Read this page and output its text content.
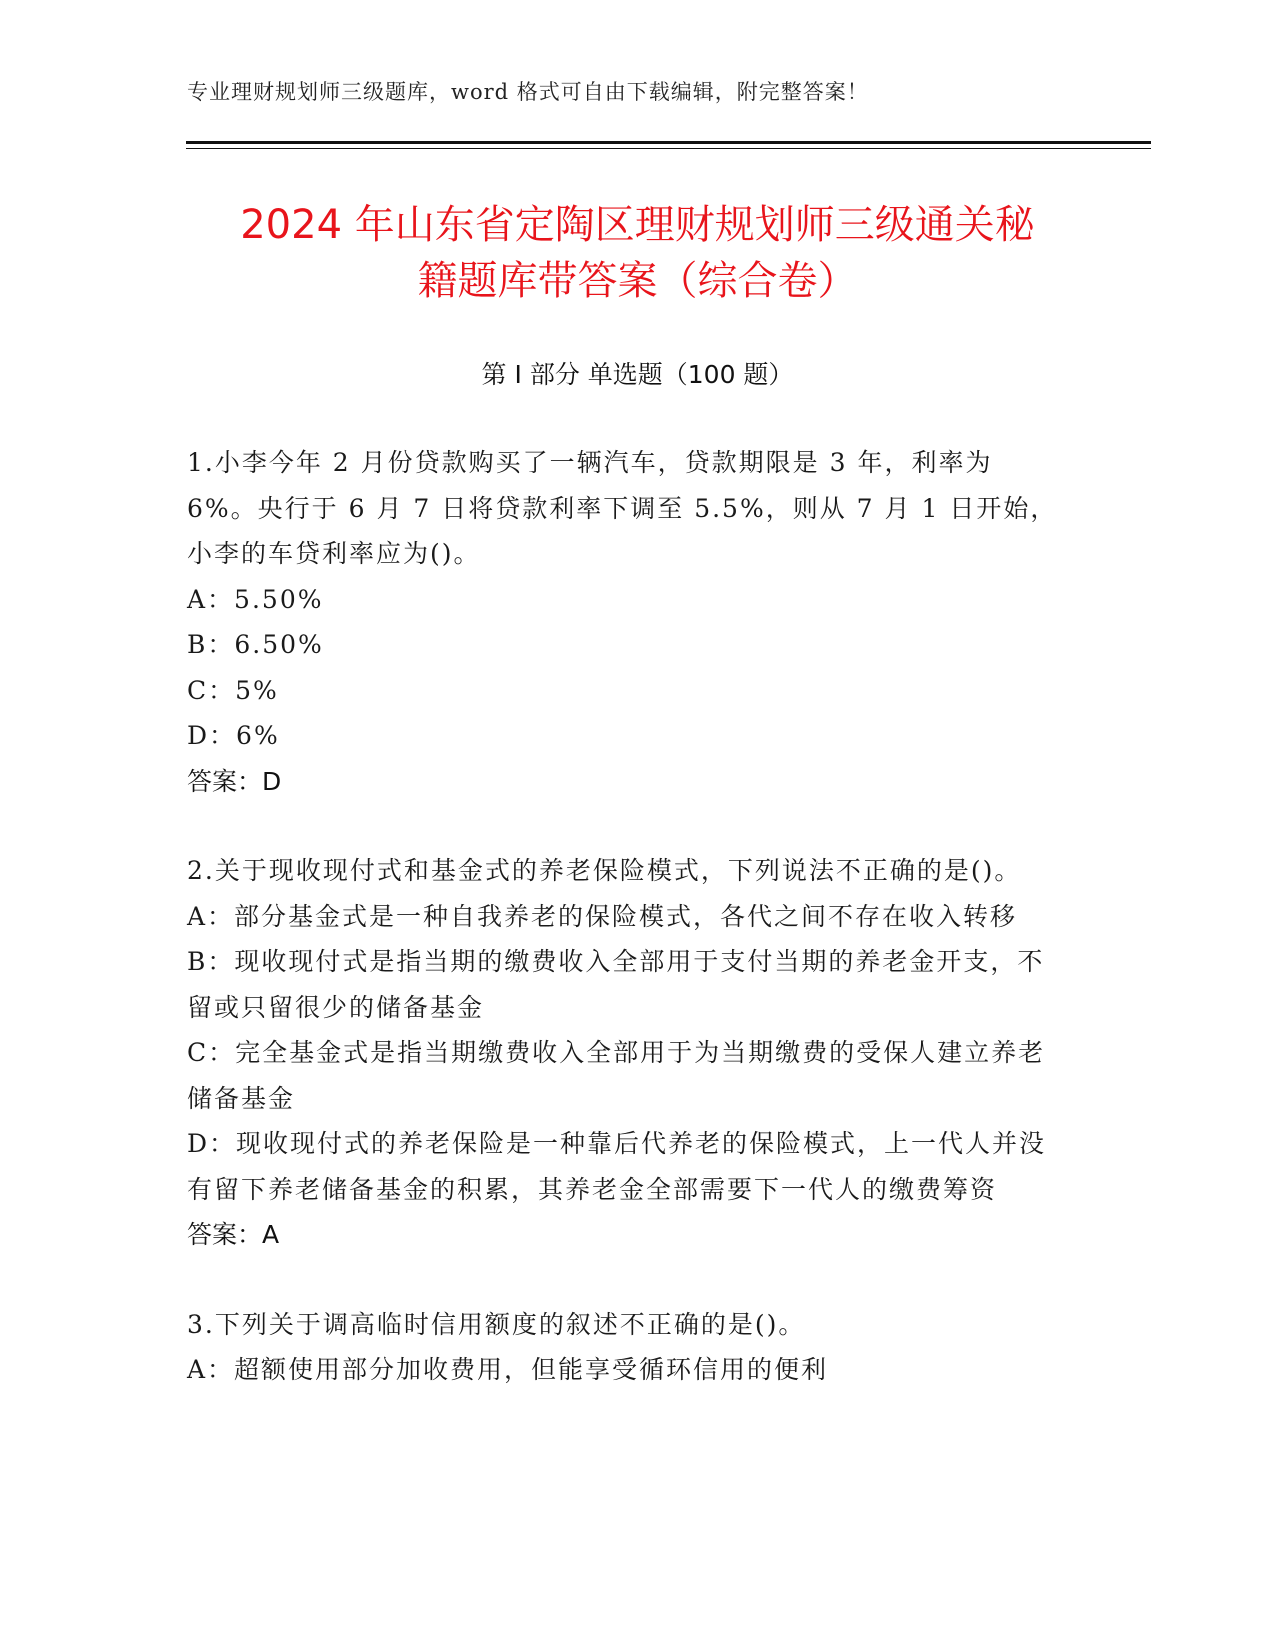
专业理财规划师三级题库，word 格式可自由下载编辑，附完整答案！
2024 年山东省定陶区理财规划师三级通关秘
籍题库带答案（综合卷）
第 I 部分 单选题（100 题）

1.小李今年 2 月份贷款购买了一辆汽车，贷款期限是 3 年，利率为 6%。央行于 6 月 7 日将贷款利率下调至 5.5%，则从 7 月 1 日开始，小李的车贷利率应为()。

A：5.50%

B：6.50%

C：5%

D：6%

答案：D

2.关于现收现付式和基金式的养老保险模式，下列说法不正确的是()。

A：部分基金式是一种自我养老的保险模式，各代之间不存在收入转移

B：现收现付式是指当期的缴费收入全部用于支付当期的养老金开支，不留或只留很少的储备基金

C：完全基金式是指当期缴费收入全部用于为当期缴费的受保人建立养老储备基金

D：现收现付式的养老保险是一种靠后代养老的保险模式，上一代人并没有留下养老储备基金的积累，其养老金全部需要下一代人的缴费筹资

答案：A

3.下列关于调高临时信用额度的叙述不正确的是()。

A：超额使用部分加收费用，但能享受循环信用的便利
